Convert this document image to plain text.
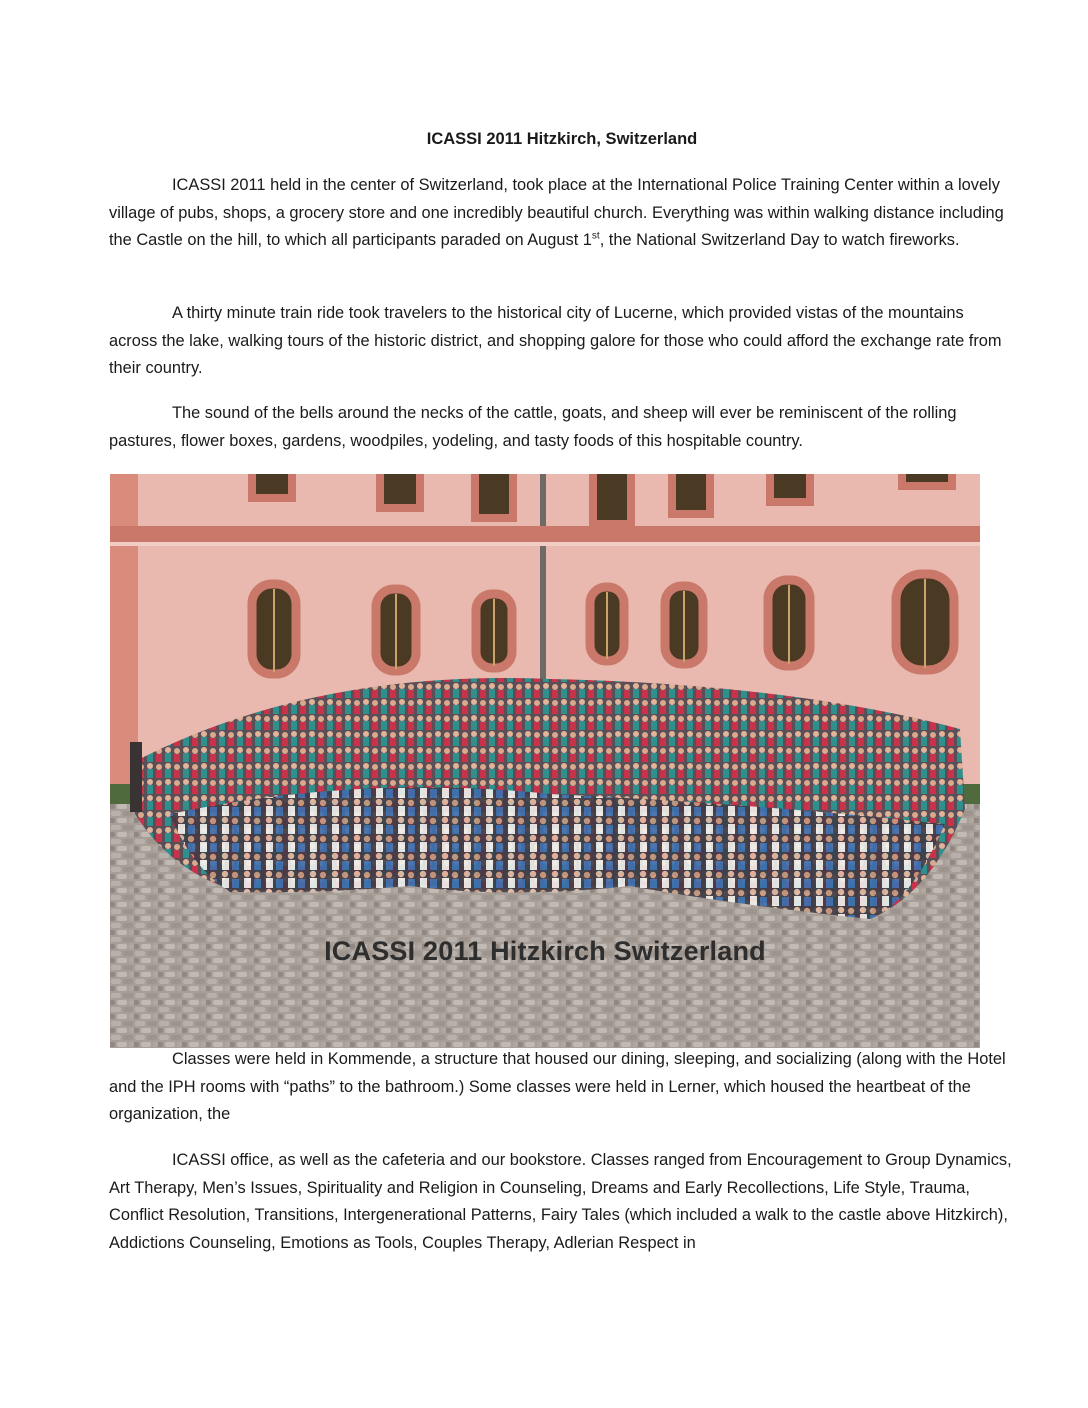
ICASSI 2011 Hitzkirch, Switzerland

ICASSI 2011 held in the center of Switzerland, took place at the International Police Training Center within a lovely village of pubs, shops, a grocery store and one incredibly beautiful church. Everything was within walking distance including the Castle on the hill, to which all participants paraded on August 1st, the National Switzerland Day to watch fireworks.

A thirty minute train ride took travelers to the historical city of Lucerne, which provided vistas of the mountains across the lake, walking tours of the historic district, and shopping galore for those who could afford the exchange rate from their country.

The sound of the bells around the necks of the cattle, goats, and sheep will ever be reminiscent of the rolling pastures, flower boxes, gardens, woodpiles, yodeling, and tasty foods of this hospitable country.

ICASSI 2011 Hitzkirch Switzerland

Classes were held in Kommende, a structure that housed our dining, sleeping, and socializing (along with the Hotel and the IPH rooms with “paths” to the bathroom.) Some classes were held in Lerner, which housed the heartbeat of the organization, the

ICASSI office, as well as the cafeteria and our bookstore. Classes ranged from Encouragement to Group Dynamics, Art Therapy, Men’s Issues, Spirituality and Religion in Counseling, Dreams and Early Recollections, Life Style, Trauma, Conflict Resolution, Transitions, Intergenerational Patterns, Fairy Tales (which included a walk to the castle above Hitzkirch), Addictions Counseling, Emotions as Tools, Couples Therapy, Adlerian Respect in
